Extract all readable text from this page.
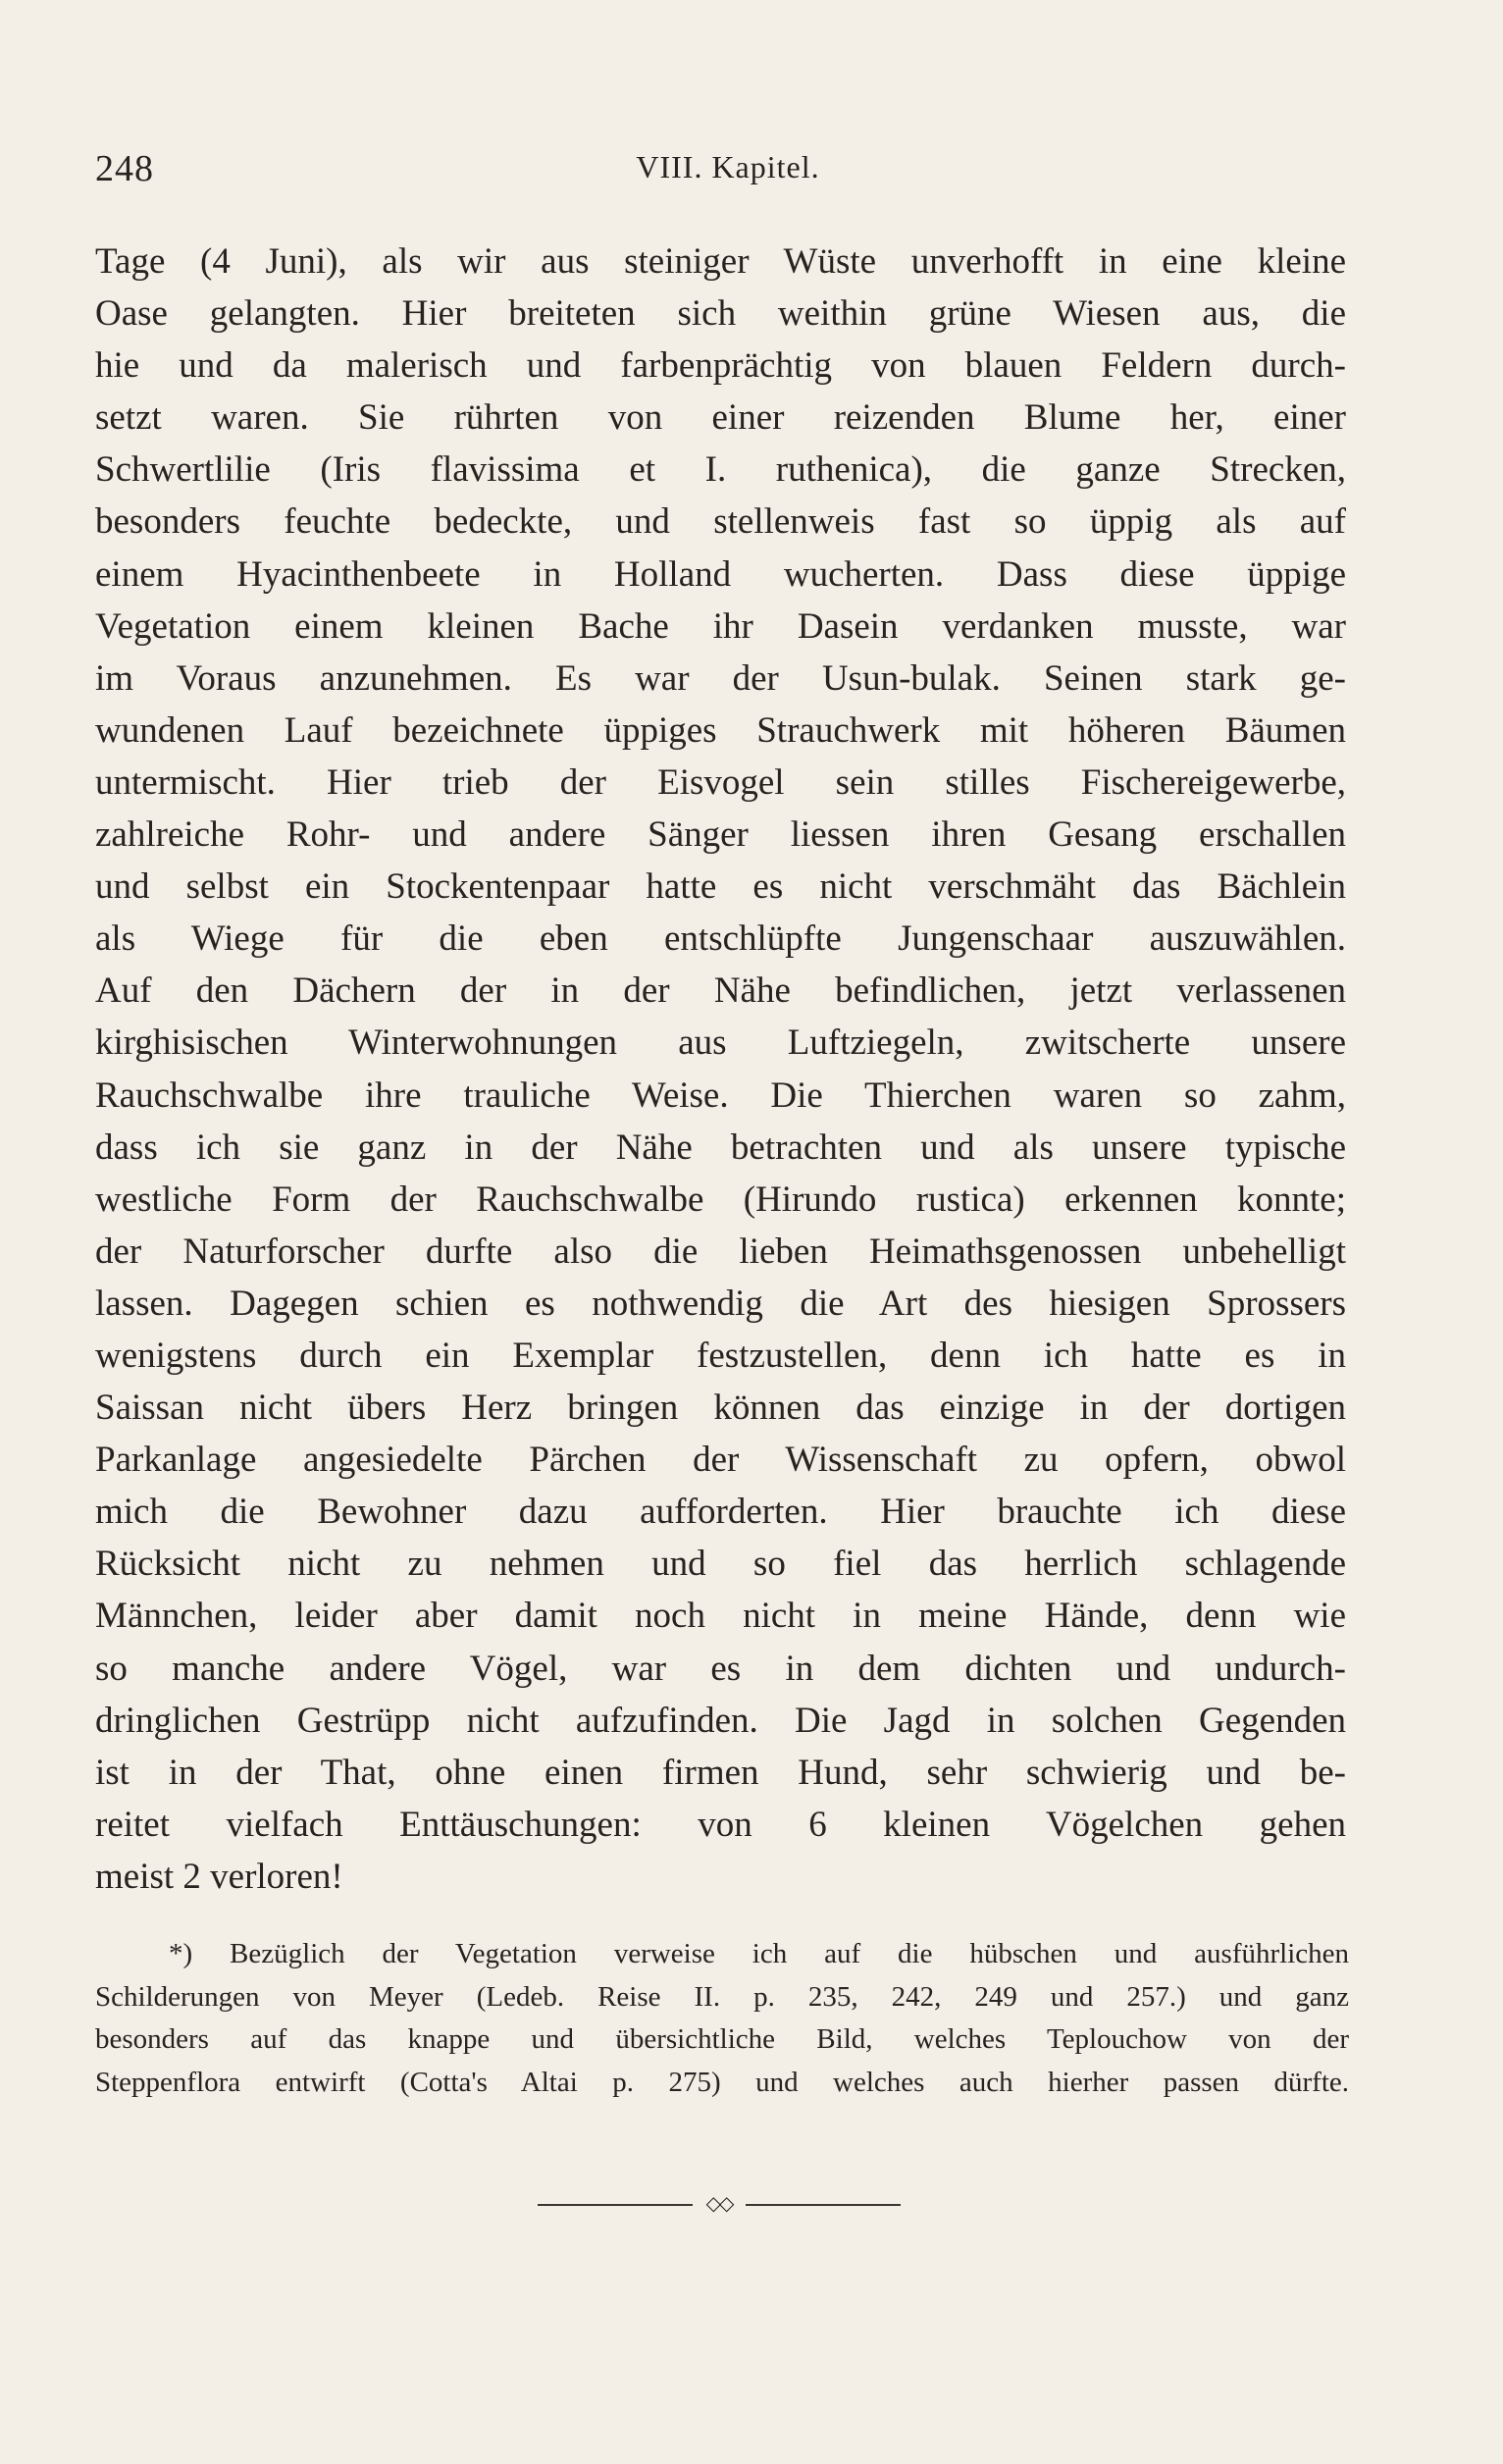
248	VIII. Kapitel.
Tage (4 Juni), als wir aus steiniger Wüste unverhofft in eine kleine
Oase gelangten. Hier breiteten sich weithin grüne Wiesen aus, die
hie und da malerisch und farbenprächtig von blauen Feldern durch-
setzt waren. Sie rührten von einer reizenden Blume her, einer
Schwertlilie (Iris flavissima et I. ruthenica), die ganze Strecken,
besonders feuchte bedeckte, und stellenweis fast so üppig als auf
einem Hyacinthenbeete in Holland wucherten. Dass diese üppige
Vegetation einem kleinen Bache ihr Dasein verdanken musste, war
im Voraus anzunehmen. Es war der Usun-bulak. Seinen stark ge-
wundenen Lauf bezeichnete üppiges Strauchwerk mit höheren Bäumen
untermischt. Hier trieb der Eisvogel sein stilles Fischereigewerbe,
zahlreiche Rohr- und andere Sänger liessen ihren Gesang erschallen
und selbst ein Stockentenpaar hatte es nicht verschmäht das Bächlein
als Wiege für die eben entschlüpfte Jungenschaar auszuwählen.
Auf den Dächern der in der Nähe befindlichen, jetzt verlassenen
kirghisischen Winterwohnungen aus Luftziegeln, zwitscherte unsere
Rauchschwalbe ihre trauliche Weise. Die Thierchen waren so zahm,
dass ich sie ganz in der Nähe betrachten und als unsere typische
westliche Form der Rauchschwalbe (Hirundo rustica) erkennen konnte;
der Naturforscher durfte also die lieben Heimathsgenossen unbehelligt
lassen. Dagegen schien es nothwendig die Art des hiesigen Sprossers
wenigstens durch ein Exemplar festzustellen, denn ich hatte es in
Saissan nicht übers Herz bringen können das einzige in der dortigen
Parkanlage angesiedelte Pärchen der Wissenschaft zu opfern, obwol
mich die Bewohner dazu aufforderten. Hier brauchte ich diese
Rücksicht nicht zu nehmen und so fiel das herrlich schlagende
Männchen, leider aber damit noch nicht in meine Hände, denn wie
so manche andere Vögel, war es in dem dichten und undurch-
dringlichen Gestrüpp nicht aufzufinden. Die Jagd in solchen Gegenden
ist in der That, ohne einen firmen Hund, sehr schwierig und be-
reitet vielfach Enttäuschungen: von 6 kleinen Vögelchen gehen
meist 2 verloren!
*) Bezüglich der Vegetation verweise ich auf die hübschen und ausführlichen
Schilderungen von Meyer (Ledeb. Reise II. p. 235, 242, 249 und 257.) und ganz
besonders auf das knappe und übersichtliche Bild, welches Teplouchow von der
Steppenflora entwirft (Cotta's Altai p. 275) und welches auch hierher passen dürfte.
◇◇
